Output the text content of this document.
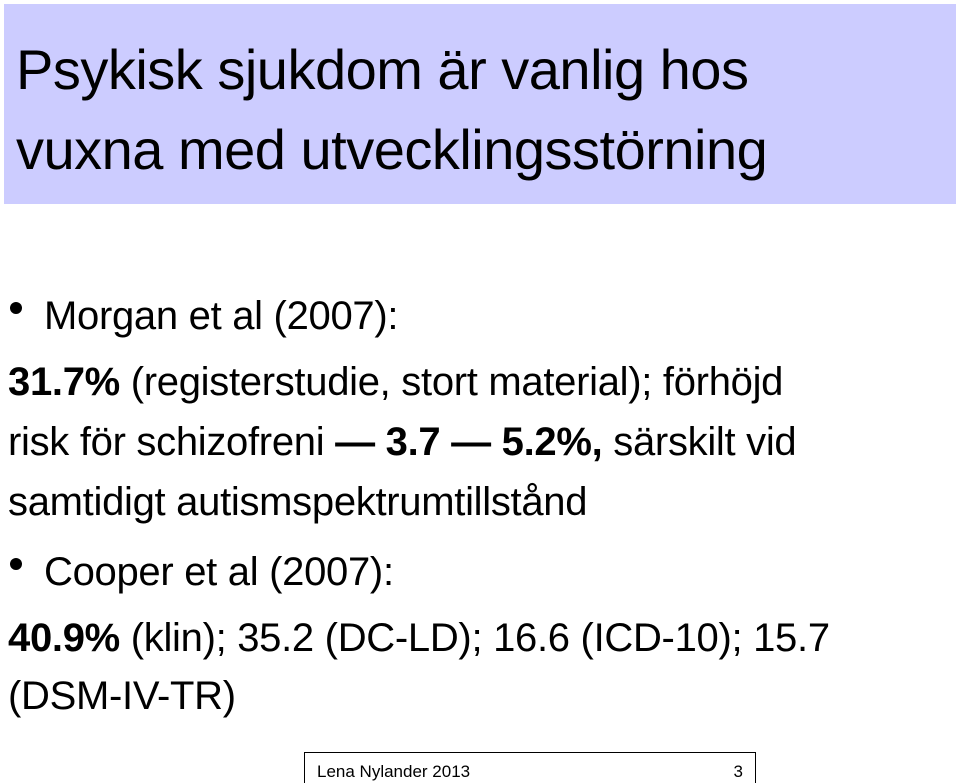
Psykisk sjukdom är vanlig hos
vuxna med utvecklingsstörning
Morgan et al (2007):
31.7% (registerstudie, stort material); förhöjd
risk för schizofreni — 3.7 — 5.2%, särskilt vid
samtidigt autismspektrumtillstånd
Cooper et al (2007):
40.9% (klin); 35.2 (DC-LD); 16.6 (ICD-10); 15.7
(DSM-IV-TR)
Lena Nylander 2013	3
